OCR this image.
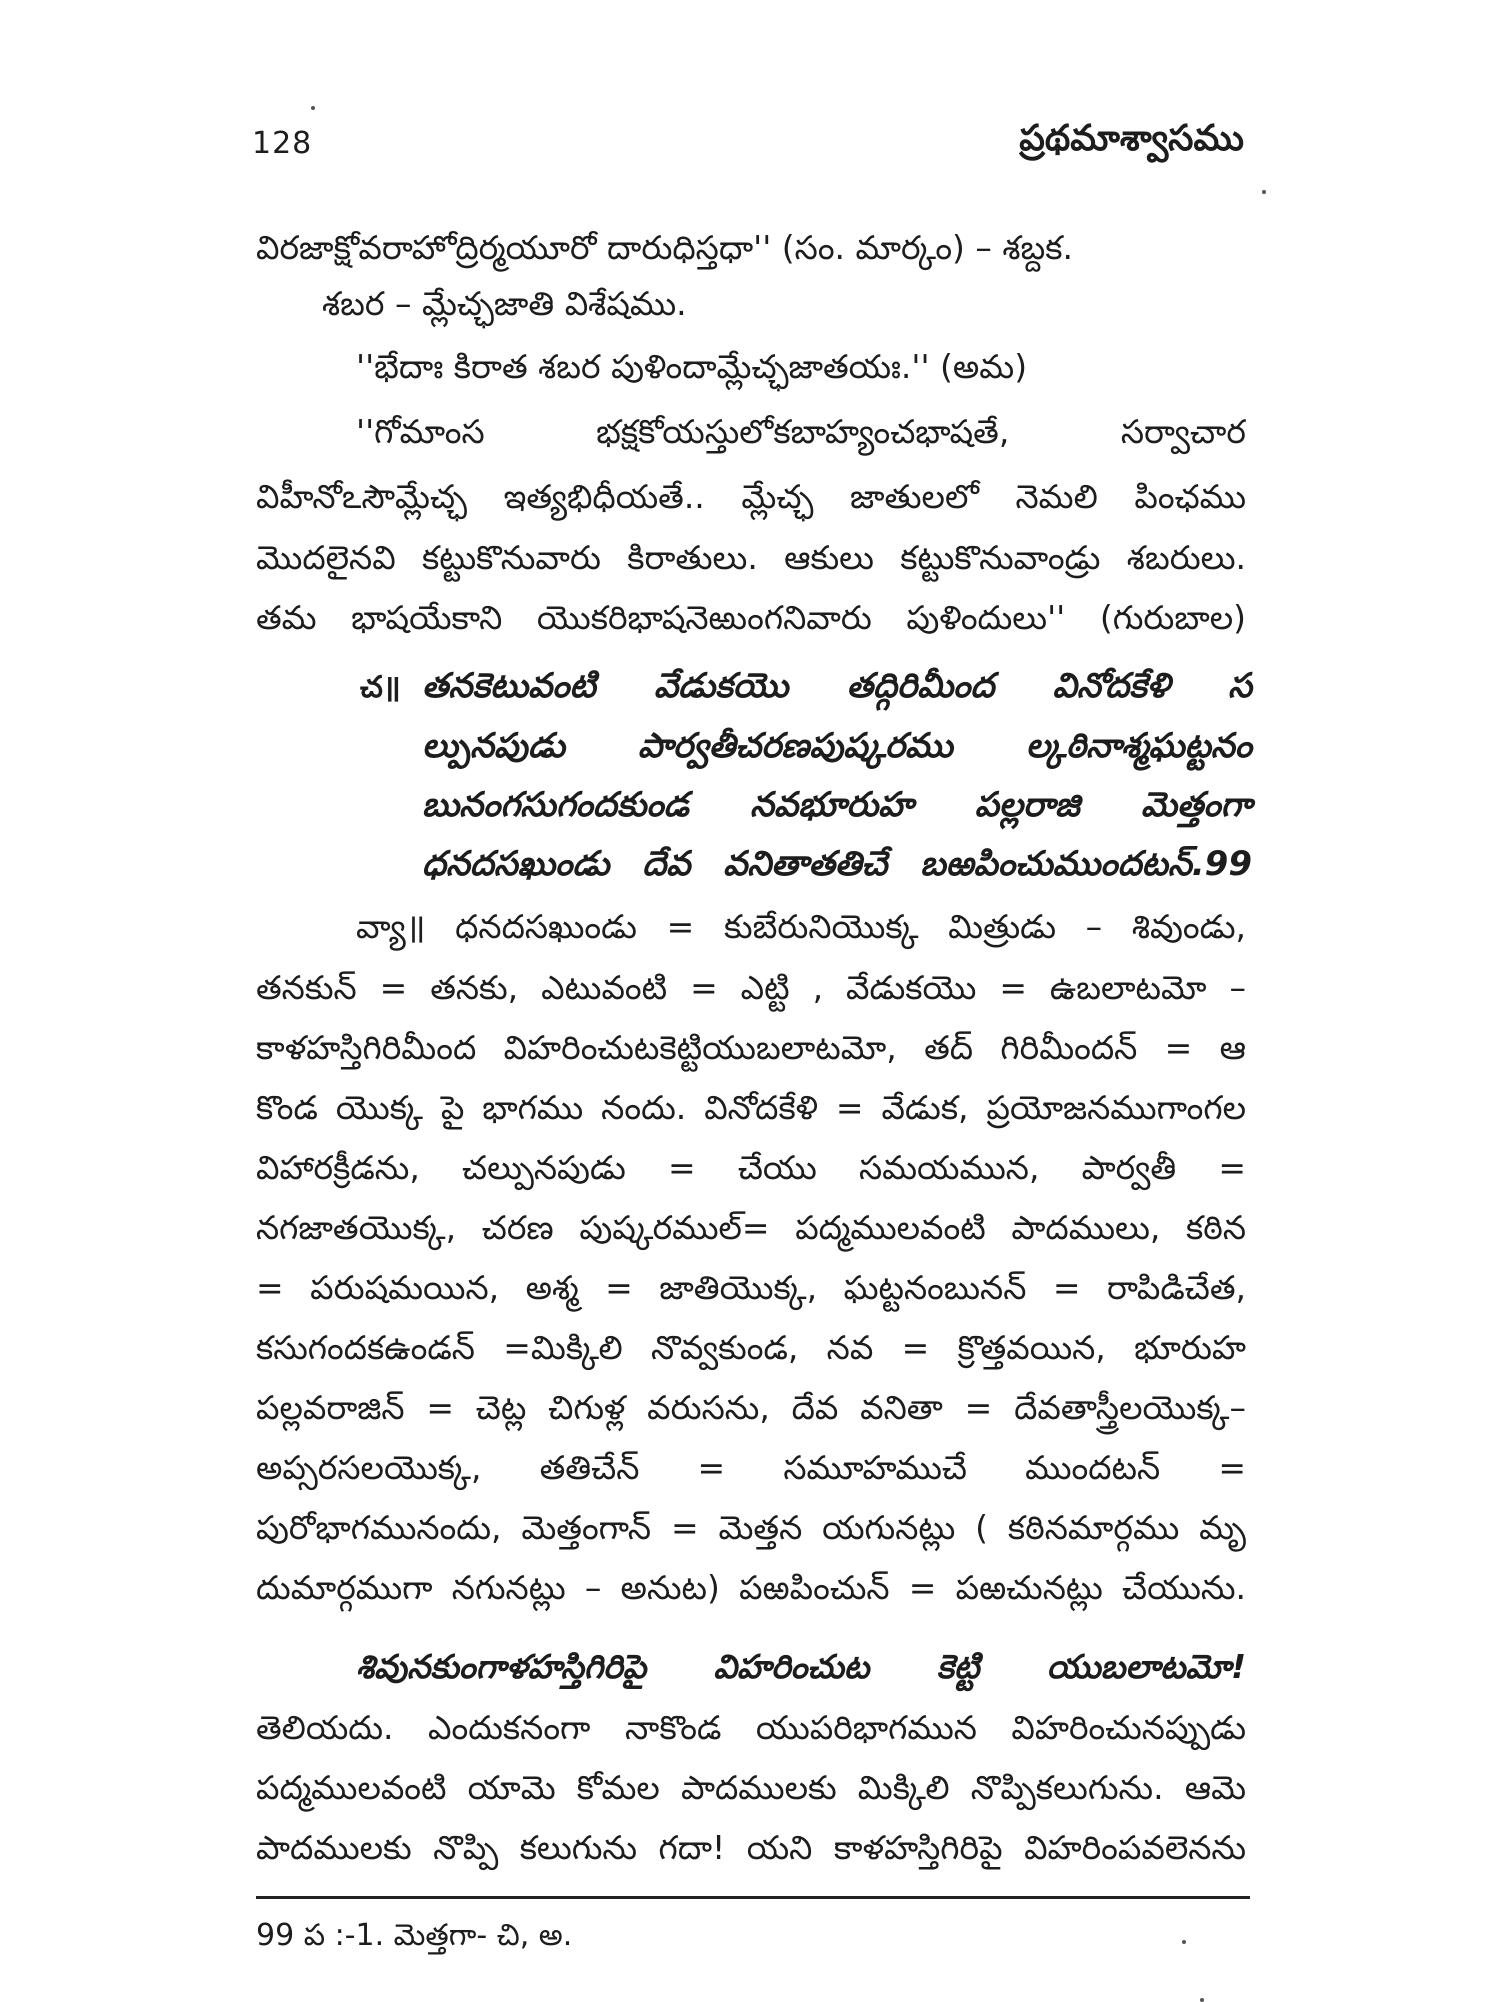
128	ప్రథమాశ్వాసము
విరజాక్షోవరాహోద్రిర్మయూరో దారుధిస్తధా'' (సం. మార్కం) – శబ్దక.
శబర – మ్లేచ్ఛజాతి విశేషము.
''భేదాః కిరాత శబర పుళిందామ్లేచ్ఛజాతయః.'' (అమ)
''గోమాంస భక్షకోయస్తులోకబాహ్యంచభాషతే, సర్వాచార
విహీనోఽసౌమ్లేచ్ఛ ఇత్యభిధీయతే.. మ్లేచ్ఛ జాతులలో నెమలి పింఛము
మొదలైనవి కట్టుకొనువారు కిరాతులు. ఆకులు కట్టుకొనువాండ్రు శబరులు.
తమ భాషయేకాని యొకరిభాషనెఱుంగనివారు పుళిందులు'' (గురుబాల)
చ॥ తనకెటువంటి వేడుకయొ తద్గిరిమీంద వినోదకేళి స
ల్పునపుడు పార్వతీచరణపుష్కరము ల్కఠినాశ్మఘట్టనం
బునంగసుగందకుండ నవభూరుహ పల్లరాజి మెత్తంగా
ధనదసఖుండు దేవ వనితాతతిచే బఱపించుముందటన్.99
వ్యా॥ ధనదసఖుండు = కుబేరునియొక్క మిత్రుడు – శివుండు,
తనకున్ = తనకు, ఎటువంటి = ఎట్టి , వేడుకయొ = ఉబలాటమో –
కాళహస్తిగిరిమీంద విహరించుటకెట్టియుబలాటమో, తద్ గిరిమీందన్ = ఆ
కొండ యొక్క పై భాగము నందు. వినోదకేళి = వేడుక, ప్రయోజనముగాంగల
విహారక్రీడను, చల్పునపుడు = చేయు సమయమున, పార్వతీ =
నగజాతయొక్క, చరణ పుష్కరముల్= పద్మములవంటి పాదములు, కఠిన
= పరుషమయిన, అశ్మ = జాతియొక్క, ఘట్టనంబునన్ = రాపిడిచేత,
కసుగందకఉండన్ =మిక్కిలి నొవ్వకుండ, నవ = క్రొత్తవయిన, భూరుహ
పల్లవరాజిన్ = చెట్ల చిగుళ్ల వరుసను, దేవ వనితా = దేవతాస్త్రీలయొక్క–
అప్సరసలయొక్క, తతిచేన్ = సమూహముచే ముందటన్ =
పురోభాగమునందు, మెత్తంగాన్ = మెత్తన యగునట్లు ( కఠినమార్గము మృ
దుమార్గముగా నగునట్లు – అనుట) పఱపించున్ = పఱచునట్లు చేయును.
శివునకుంగాళహస్తిగిరిపై విహరించుట కెట్టి యుబలాటమో!
తెలియదు. ఎందుకనంగా నాకొండ యుపరిభాగమున విహరించునప్పుడు
పద్మములవంటి యామె కోమల పాదములకు మిక్కిలి నొప్పికలుగును. ఆమె
పాదములకు నొప్పి కలుగును గదా! యని కాళహస్తిగిరిపై విహరింపవలెనను
99 ప :-1. మెత్తగా- చి, అ.
